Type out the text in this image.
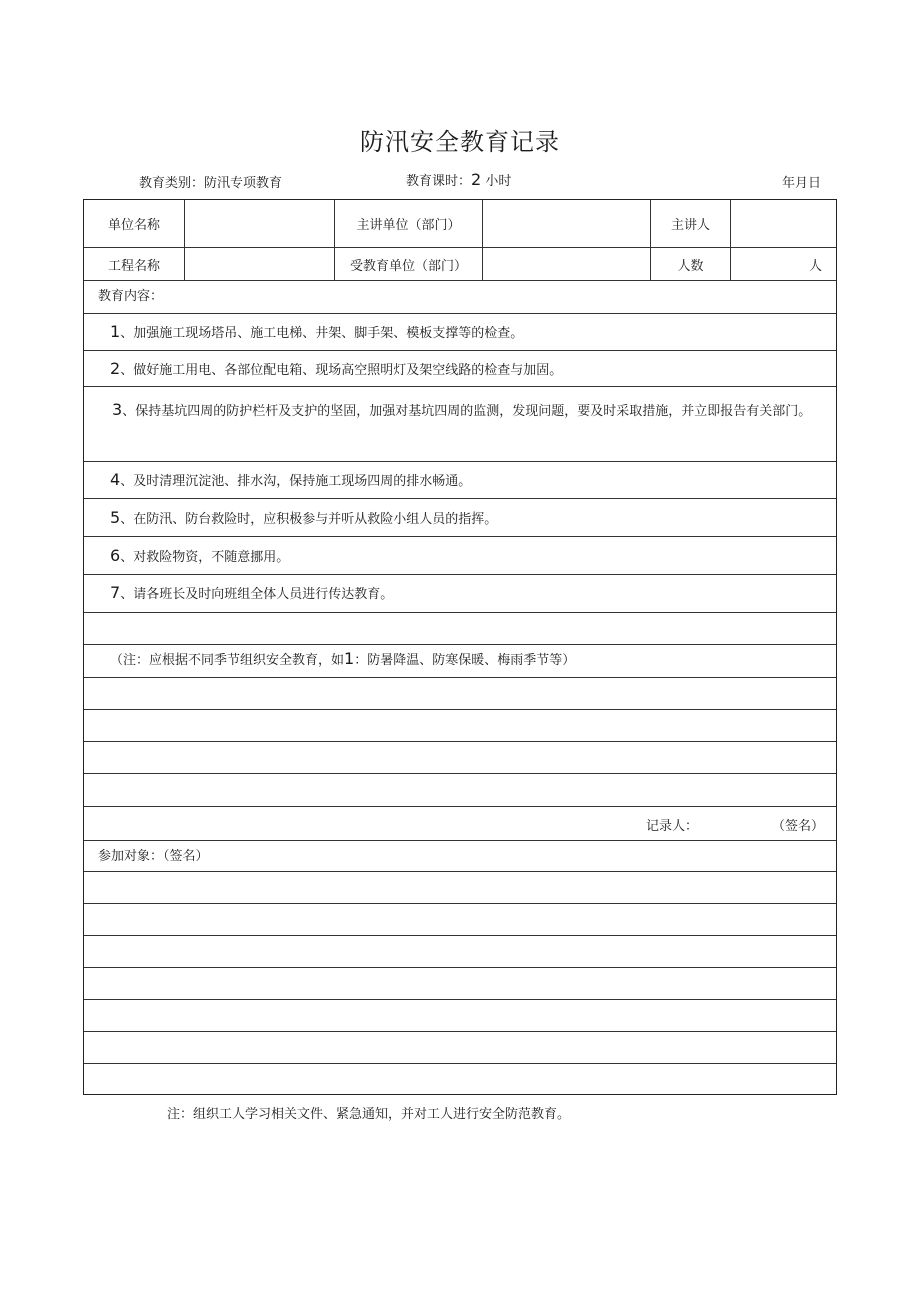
防汛安全教育记录
教育类别：防汛专项教育	教育课时：2 小时	年月日
单位名称	主讲单位（部门）	主讲人
工程名称	受教育单位（部门）	人数	人
教育内容：
1、加强施工现场塔吊、施工电梯、井架、脚手架、模板支撑等的检查。
2、做好施工用电、各部位配电箱、现场高空照明灯及架空线路的检查与加固。
3、保持基坑四周的防护栏杆及支护的坚固，加强对基坑四周的监测，发现问题，要及时采取措施，并立即报告有关部门。
4、及时清理沉淀池、排水沟，保持施工现场四周的排水畅通。
5、在防汛、防台救险时，应积极参与并听从救险小组人员的指挥。
6、对救险物资，不随意挪用。
7、请各班长及时向班组全体人员进行传达教育。
（注：应根据不同季节组织安全教育，如1：防暑降温、防寒保暖、梅雨季节等）
记录人：	（签名）
参加对象：（签名）
注：组织工人学习相关文件、紧急通知，并对工人进行安全防范教育。
